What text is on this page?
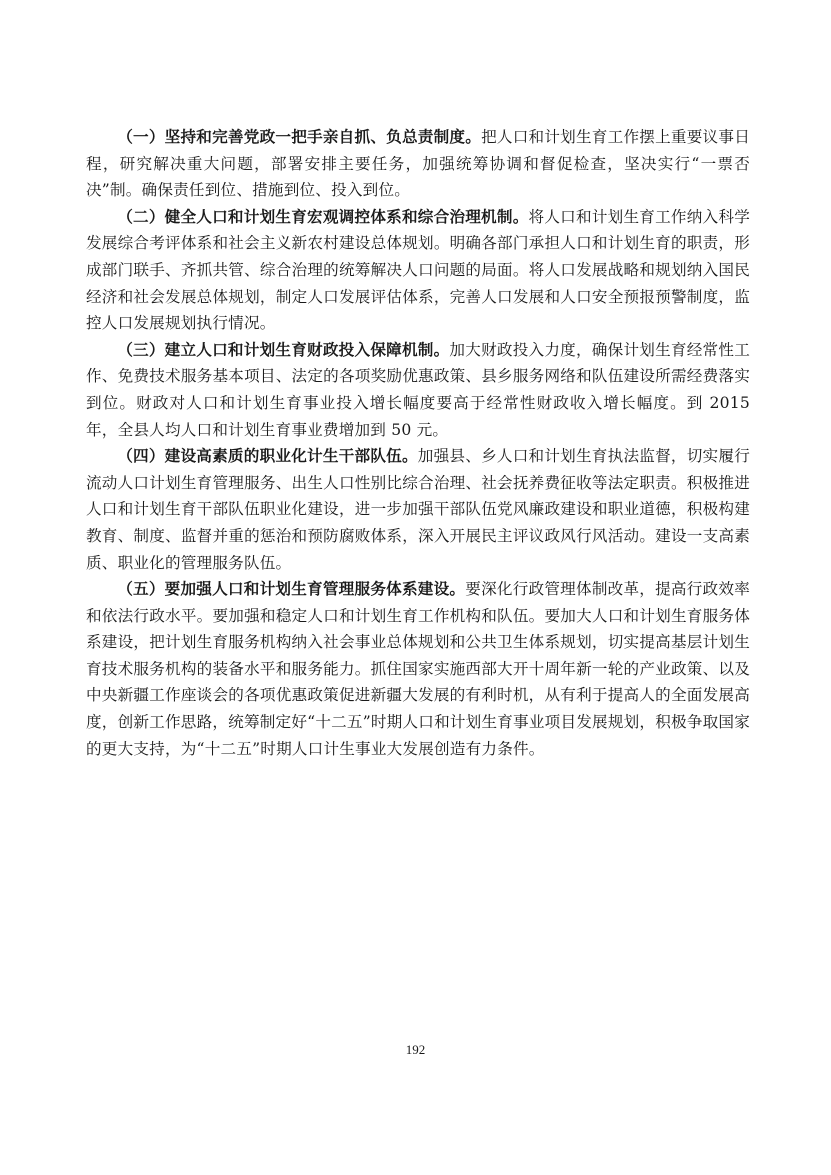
（一）坚持和完善党政一把手亲自抓、负总责制度。把人口和计划生育工作摆上重要议事日程，研究解决重大问题，部署安排主要任务，加强统筹协调和督促检查，坚决实行“一票否决”制。确保责任到位、措施到位、投入到位。

（二）健全人口和计划生育宏观调控体系和综合治理机制。将人口和计划生育工作纳入科学发展综合考评体系和社会主义新农村建设总体规划。明确各部门承担人口和计划生育的职责，形成部门联手、齐抓共管、综合治理的统筹解决人口问题的局面。将人口发展战略和规划纳入国民经济和社会发展总体规划，制定人口发展评估体系，完善人口发展和人口安全预报预警制度，监控人口发展规划执行情况。

（三）建立人口和计划生育财政投入保障机制。加大财政投入力度，确保计划生育经常性工作、免费技术服务基本项目、法定的各项奖励优惠政策、县乡服务网络和队伍建设所需经费落实到位。财政对人口和计划生育事业投入增长幅度要高于经常性财政收入增长幅度。到 2015 年，全县人均人口和计划生育事业费增加到 50 元。

（四）建设高素质的职业化计生干部队伍。加强县、乡人口和计划生育执法监督，切实履行流动人口计划生育管理服务、出生人口性别比综合治理、社会抚养费征收等法定职责。积极推进人口和计划生育干部队伍职业化建设，进一步加强干部队伍党风廉政建设和职业道德，积极构建教育、制度、监督并重的惩治和预防腐败体系，深入开展民主评议政风行风活动。建设一支高素质、职业化的管理服务队伍。

（五）要加强人口和计划生育管理服务体系建设。要深化行政管理体制改革，提高行政效率和依法行政水平。要加强和稳定人口和计划生育工作机构和队伍。要加大人口和计划生育服务体系建设，把计划生育服务机构纳入社会事业总体规划和公共卫生体系规划，切实提高基层计划生育技术服务机构的装备水平和服务能力。抓住国家实施西部大开十周年新一轮的产业政策、以及中央新疆工作座谈会的各项优惠政策促进新疆大发展的有利时机，从有利于提高人的全面发展高度，创新工作思路，统筹制定好“十二五”时期人口和计划生育事业项目发展规划，积极争取国家的更大支持，为“十二五”时期人口计生事业大发展创造有力条件。

192
